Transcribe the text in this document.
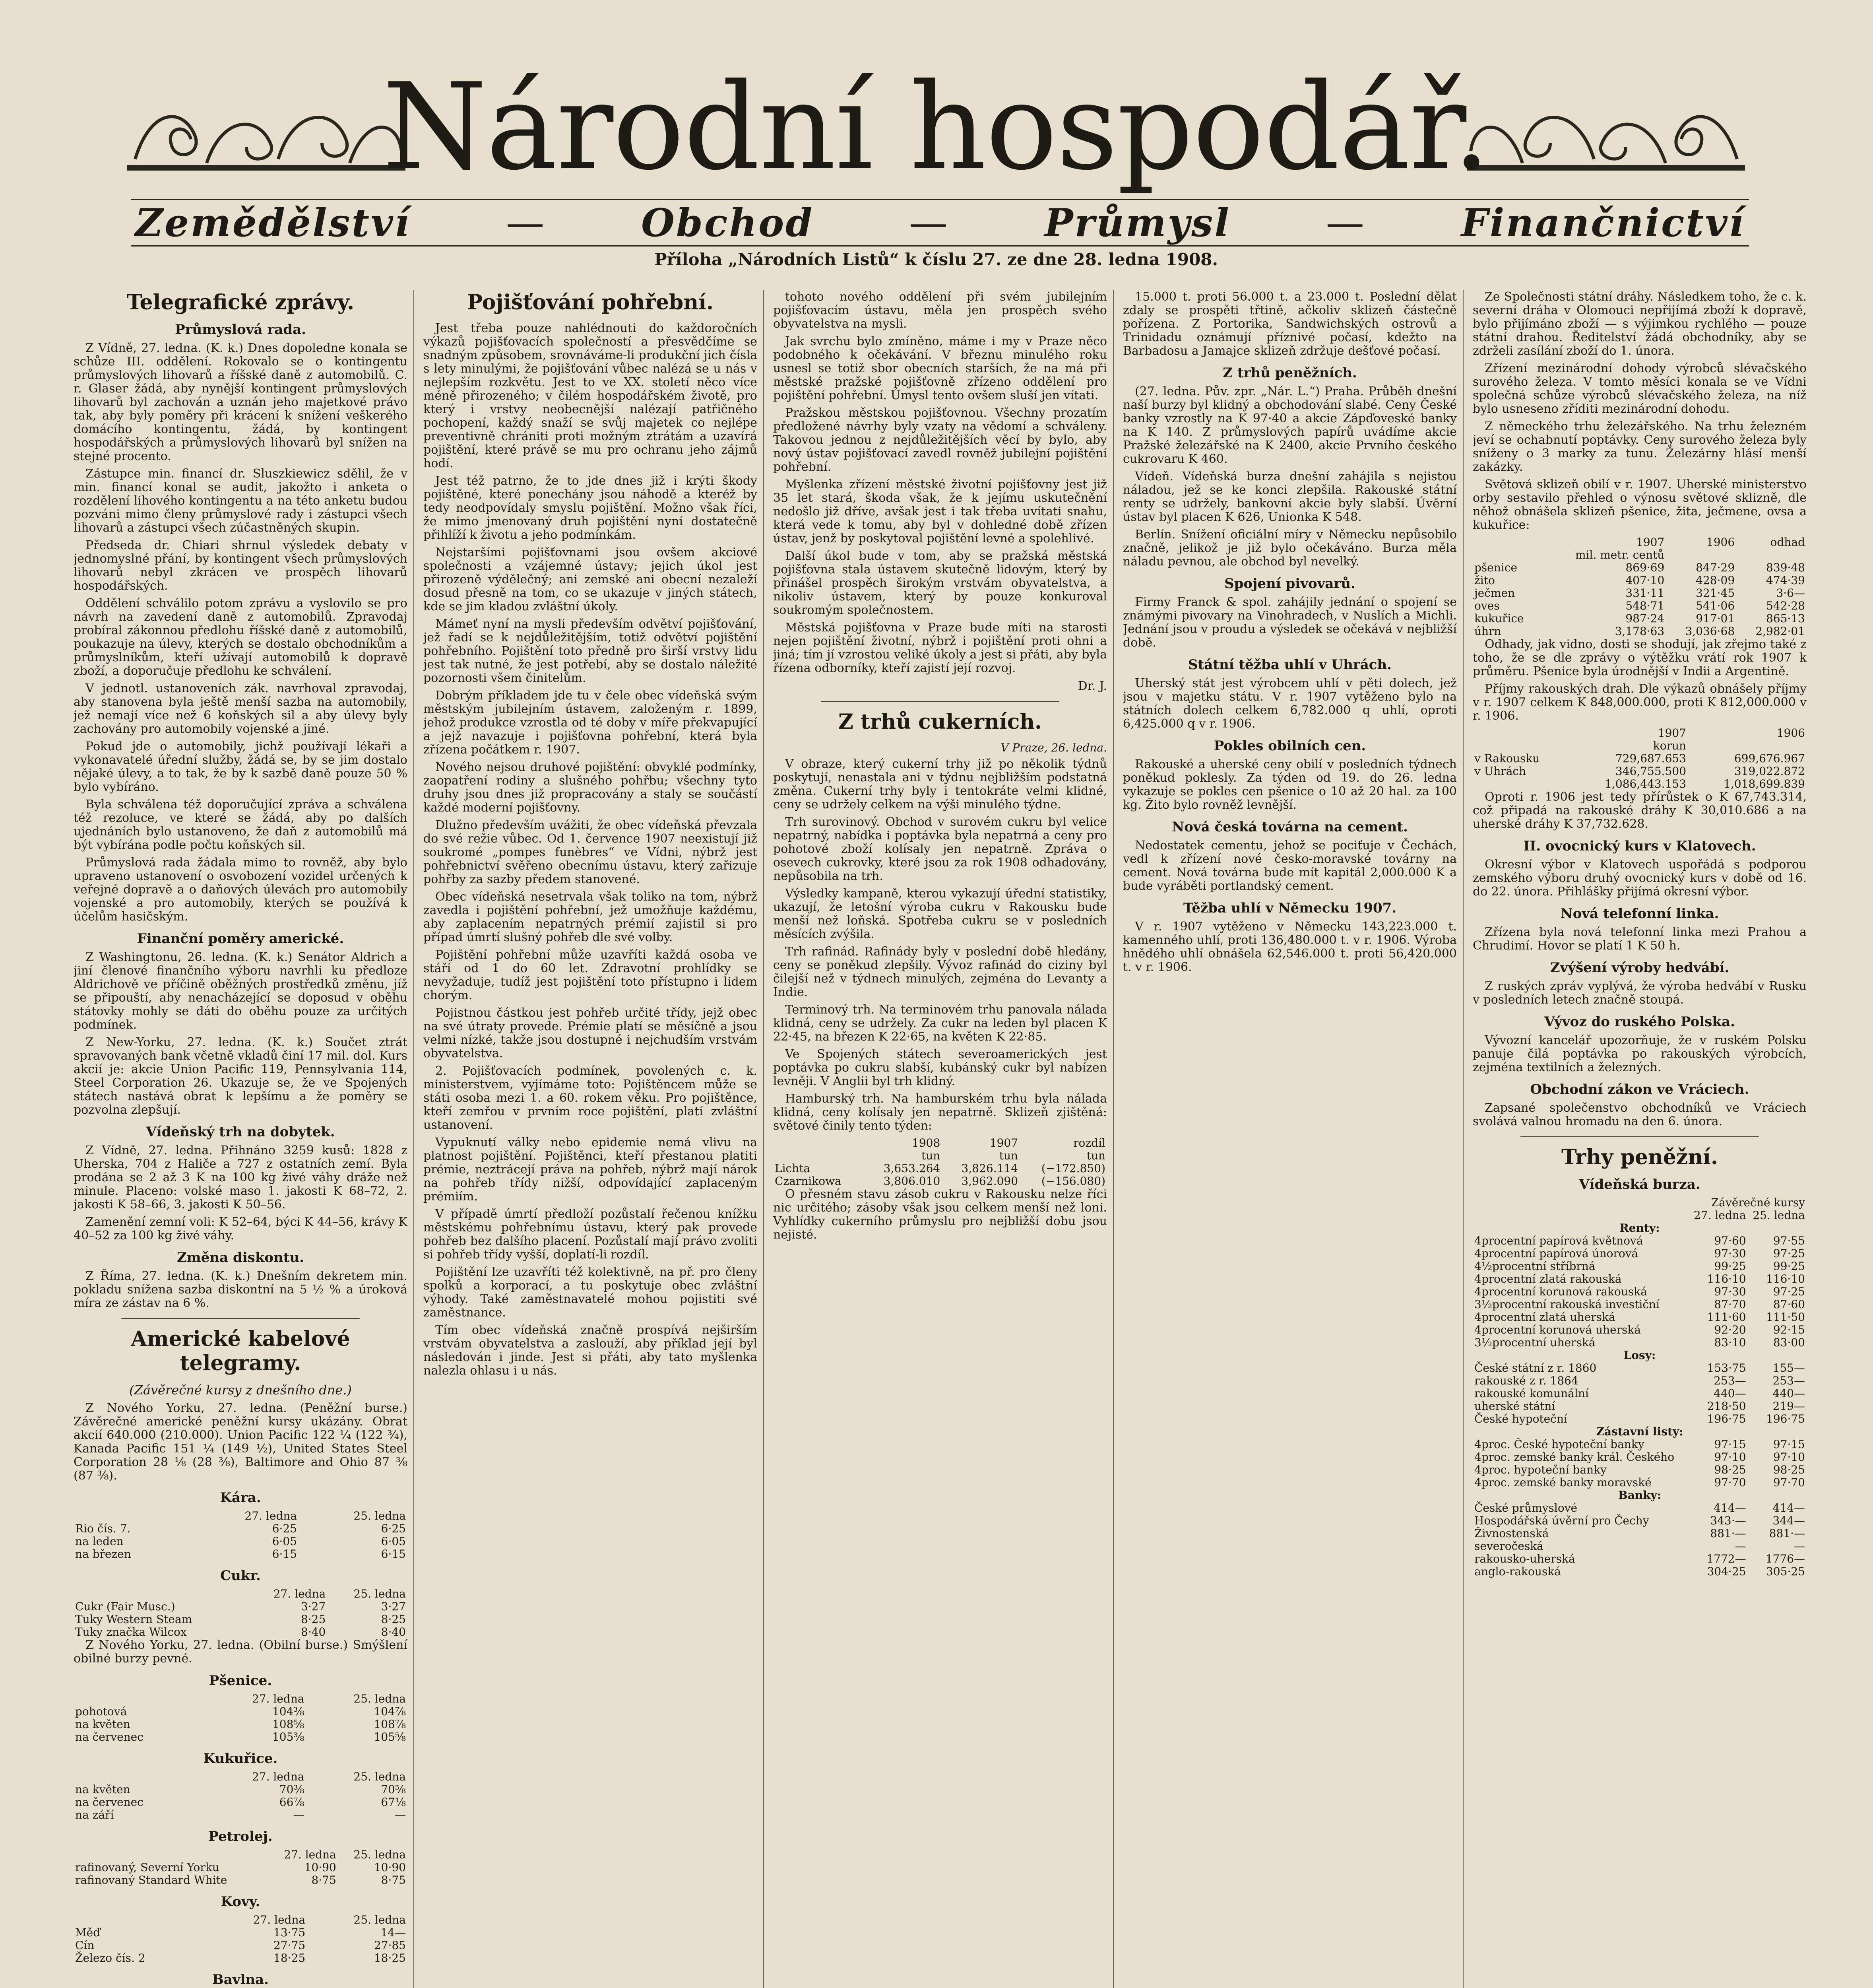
Národní hospodář.
Zemědělství	—	Obchod	—	Průmysl	—	Finančnictví
Příloha „Národních Listů“ k číslu 27. ze dne 28. ledna 1908.
Telegrafické zprávy.
Průmyslová rada.

Z Vídně, 27. ledna. (K. k.) Dnes dopoledne konala se schůze III. oddělení. Rokovalo se o kontingentu průmyslových lihovarů a říšské daně z automobilů. C. r. Glaser žádá, aby nynější kontingent průmyslových lihovarů byl zachován a uznán jeho majetkové právo tak, aby byly poměry při krácení k snížení veškerého domácího kontingentu, žádá, by kontingent hospodářských a průmyslových lihovarů byl snížen na stejné procento.

Zástupce min. financí dr. Sluszkiewicz sdělil, že v min. financí konal se audit, jakožto i anketa o rozdělení lihového kontingentu a na této anketu budou pozváni mimo členy průmyslové rady i zástupci všech lihovarů a zástupci všech zúčastněných skupin.

Předseda dr. Chiari shrnul výsledek debaty v jednomyslné přání, by kontingent všech průmyslových lihovarů nebyl zkrácen ve prospěch lihovarů hospodářských.

Oddělení schválilo potom zprávu a vyslovilo se pro návrh na zavedení daně z automobilů. Zpravodaj probíral zákonnou předlohu říšské daně z automobilů, poukazuje na úlevy, kterých se dostalo obchodníkům a průmyslníkům, kteří užívají automobilů k dopravě zboží, a doporučuje předlohu ke schválení.

V jednotl. ustanoveních zák. navrhoval zpravodaj, aby stanovena byla ještě menší sazba na automobily, jež nemají více než 6 koňských sil a aby úlevy byly zachovány pro automobily vojenské a jiné.

Pokud jde o automobily, jichž používají lékaři a vykonavatelé úřední služby, žádá se, by se jim dostalo nějaké úlevy, a to tak, že by k sazbě daně pouze 50 % bylo vybíráno.

Byla schválena též doporučující zpráva a schválena též rezoluce, ve které se žádá, aby po dalších ujednáních bylo ustanoveno, že daň z automobilů má být vybírána podle počtu koňských sil.

Průmyslová rada žádala mimo to rovněž, aby bylo upraveno ustanovení o osvobození vozidel určených k veřejné dopravě a o daňových úlevách pro automobily vojenské a pro automobily, kterých se používá k účelům hasičským.

Finanční poměry americké.

Z Washingtonu, 26. ledna. (K. k.) Senátor Aldrich a jiní členové finančního výboru navrhli ku předloze Aldrichově ve příčině oběžných prostředků změnu, jíž se připouští, aby nenacházející se doposud v oběhu státovky mohly se dáti do oběhu pouze za určitých podmínek.

Z New-Yorku, 27. ledna. (K. k.) Součet ztrát spravovaných bank včetně vkladů činí 17 mil. dol. Kurs akcií je: akcie Union Pacific 119, Pennsylvania 114, Steel Corporation 26. Ukazuje se, že ve Spojených státech nastává obrat k lepšímu a že poměry se pozvolna zlepšují.

Vídeňský trh na dobytek.

Z Vídně, 27. ledna. Přihnáno 3259 kusů: 1828 z Uherska, 704 z Haliče a 727 z ostatních zemí. Byla prodána se 2 až 3 K na 100 kg živé váhy dráže než minule. Placeno: volské maso 1. jakosti K 68–72, 2. jakosti K 58–66, 3. jakosti K 50–56.

Zamenění zemní voli: K 52–64, býci K 44–56, krávy K 40–52 za 100 kg živé váhy.

Změna diskontu.

Z Říma, 27. ledna. (K. k.) Dnešním dekretem min. pokladu snížena sazba diskontní na 5 ½ % a úroková míra ze zástav na 6 %.

Americké kabelové telegramy.
(Závěrečné kursy z dnešního dne.)

Z Nového Yorku, 27. ledna. (Peněžní burse.) Závěrečné americké peněžní kursy ukázány. Obrat akcií 640.000 (210.000). Union Pacific 122 ¼ (122 ¾), Kanada Pacific 151 ¼ (149 ½), United States Steel Corporation 28 ⅛ (28 ⅜), Baltimore and Ohio 87 ⅜ (87 ⅜).

Kára.
	27. ledna	25. ledna
Rio čís. 7.	6·25	6·25
na leden	6·05	6·05
na březen	6·15	6·15
Cukr.
	27. ledna	25. ledna
Cukr (Fair Musc.)	3·27	3·27
Tuky Western Steam	8·25	8·25
Tuky značka Wilcox	8·40	8·40

Z Nového Yorku, 27. ledna. (Obilní burse.) Smýšlení obilné burzy pevné.

Pšenice.
	27. ledna	25. ledna
pohotová	104⅜	104⅞
na květen	108⅝	108⅞
na červenec	105⅜	105⅝
Kukuřice.
	27. ledna	25. ledna
na květen	70⅜	70⅝
na červenec	66⅞	67⅛
na září	—	—
Petrolej.
	27. ledna	25. ledna
rafinovaný, Severní Yorku	10·90	10·90
rafinovaný Standard White	8·75	8·75
Kovy.
	27. ledna	25. ledna
Měď	13·75	14—
Cín	27·75	27·85
Železo čís. 2	18·25	18·25
Bavlna.

Pojišťování pohřební.

Jest třeba pouze nahlédnouti do každoročních výkazů pojišťovacích společností a přesvědčíme se snadným způsobem, srovnáváme-li produkční jich čísla s lety minulými, že pojišťování vůbec nalézá se u nás v nejlepším rozkvětu. Jest to ve XX. století něco více méně přirozeného; v čilém hospodářském životě, pro který i vrstvy neobecnější nalézají patřičného pochopení, každý snaží se svůj majetek co nejlépe preventivně chrániti proti možným ztrátám a uzavírá pojištění, které právě se mu pro ochranu jeho zájmů hodí.

Jest též patrno, že to jde dnes již i krýti škody pojištěné, které ponechány jsou náhodě a kteréž by tedy neodpovídaly smyslu pojištění. Možno však říci, že mimo jmenovaný druh pojištění nyní dostatečně přihlíží k životu a jeho podmínkám.

Nejstaršími pojišťovnami jsou ovšem akciové společnosti a vzájemné ústavy; jejich úkol jest přirozeně výdělečný; ani zemské ani obecní nezaleží dosud přesně na tom, co se ukazuje v jiných státech, kde se jim kladou zvláštní úkoly.

Mámeť nyní na mysli především odvětví pojišťování, jež řadí se k nejdůležitějším, totiž odvětví pojištění pohřebního. Pojištění toto předně pro širší vrstvy lidu jest tak nutné, že jest potřebí, aby se dostalo náležité pozornosti všem činitelům.

Dobrým příkladem jde tu v čele obec vídeňská svým městským jubilejním ústavem, založeným r. 1899, jehož produkce vzrostla od té doby v míře překvapující a jejž navazuje i pojišťovna pohřební, která byla zřízena počátkem r. 1907.

Nového nejsou druhové pojištění: obvyklé podmínky, zaopatření rodiny a slušného pohřbu; všechny tyto druhy jsou dnes již propracovány a staly se součástí každé moderní pojišťovny.

Dlužno především uvážiti, že obec vídeňská převzala do své režie vůbec. Od 1. července 1907 neexistují již soukromé „pompes funèbres“ ve Vídni, nýbrž jest pohřebnictví svěřeno obecnímu ústavu, který zařizuje pohřby za sazby předem stanovené.

Obec vídeňská nesetrvala však toliko na tom, nýbrž zavedla i pojištění pohřební, jež umožňuje každému, aby zaplacením nepatrných prémií zajistil si pro případ úmrtí slušný pohřeb dle své volby.

Pojištění pohřební může uzavříti každá osoba ve stáří od 1 do 60 let. Zdravotní prohlídky se nevyžaduje, tudíž jest pojištění toto přístupno i lidem chorým.

Pojistnou částkou jest pohřeb určité třídy, jejž obec na své útraty provede. Prémie platí se měsíčně a jsou velmi nízké, takže jsou dostupné i nejchudším vrstvám obyvatelstva.

2. Pojišťovacích podmínek, povolených c. k. ministerstvem, vyjímáme toto: Pojištěncem může se státi osoba mezi 1. a 60. rokem věku. Pro pojištěnce, kteří zemřou v prvním roce pojištění, platí zvláštní ustanovení.

Vypuknutí války nebo epidemie nemá vlivu na platnost pojištění. Pojištěnci, kteří přestanou platiti prémie, neztrácejí práva na pohřeb, nýbrž mají nárok na pohřeb třídy nižší, odpovídající zaplaceným prémiím.

V případě úmrtí předloží pozůstalí řečenou knížku městskému pohřebnímu ústavu, který pak provede pohřeb bez dalšího placení. Pozůstalí mají právo zvoliti si pohřeb třídy vyšší, doplatí-li rozdíl.

Pojištění lze uzavříti též kolektivně, na př. pro členy spolků a korporací, a tu poskytuje obec zvláštní výhody. Také zaměstnavatelé mohou pojistiti své zaměstnance.

Tím obec vídeňská značně prospívá nejširším vrstvám obyvatelstva a zaslouží, aby příklad její byl následován i jinde. Jest si přáti, aby tato myšlenka nalezla ohlasu i u nás.

tohoto nového oddělení při svém jubilejním pojišťovacím ústavu, měla jen prospěch svého obyvatelstva na mysli.

Jak svrchu bylo zmíněno, máme i my v Praze něco podobného k očekávání. V březnu minulého roku usnesl se totiž sbor obecních starších, že na má při městské pražské pojišťovně zřízeno oddělení pro pojištění pohřební. Úmysl tento ovšem sluší jen vítati.

Pražskou městskou pojišťovnou. Všechny prozatím předložené návrhy byly vzaty na vědomí a schváleny. Takovou jednou z nejdůležitějších věcí by bylo, aby nový ústav pojišťovací zavedl rovněž jubilejní pojištění pohřební.

Myšlenka zřízení městské životní pojišťovny jest již 35 let stará, škoda však, že k jejímu uskutečnění nedošlo již dříve, avšak jest i tak třeba uvítati snahu, která vede k tomu, aby byl v dohledné době zřízen ústav, jenž by poskytoval pojištění levné a spolehlivé.

Další úkol bude v tom, aby se pražská městská pojišťovna stala ústavem skutečně lidovým, který by přinášel prospěch širokým vrstvám obyvatelstva, a nikoliv ústavem, který by pouze konkuroval soukromým společnostem.

Městská pojišťovna v Praze bude míti na starosti nejen pojištění životní, nýbrž i pojištění proti ohni a jiná; tím jí vzrostou veliké úkoly a jest si přáti, aby byla řízena odborníky, kteří zajistí její rozvoj.

Dr. J.
Z trhů cukerních.
V Praze, 26. ledna.

V obraze, který cukerní trhy již po několik týdnů poskytují, nenastala ani v týdnu nejbližším podstatná změna. Cukerní trhy byly i tentokráte velmi klidné, ceny se udržely celkem na výši minulého týdne.

Trh surovinový. Obchod v surovém cukru byl velice nepatrný, nabídka i poptávka byla nepatrná a ceny pro pohotové zboží kolísaly jen nepatrně. Zpráva o osevech cukrovky, které jsou za rok 1908 odhadovány, nepůsobila na trh.

Výsledky kampaně, kterou vykazují úřední statistiky, ukazují, že letošní výroba cukru v Rakousku bude menší než loňská. Spotřeba cukru se v posledních měsících zvýšila.

Trh rafinád. Rafinády byly v poslední době hledány, ceny se poněkud zlepšily. Vývoz rafinád do ciziny byl čilejší než v týdnech minulých, zejména do Levanty a Indie.

Terminový trh. Na terminovém trhu panovala nálada klidná, ceny se udržely. Za cukr na leden byl placen K 22·45, na březen K 22·65, na květen K 22·85.

Ve Spojených státech severoamerických jest poptávka po cukru slabší, kubánský cukr byl nabízen levněji. V Anglii byl trh klidný.

Hamburský trh. Na hamburském trhu byla nálada klidná, ceny kolísaly jen nepatrně. Sklizeň zjištěná: světové činily tento týden:

	1908	1907	rozdíl
	tun	tun	tun
Lichta	3,653.264	3,826.114	(−172.850)
Czarnikowa	3,806.010	3,962.090	(−156.080)

O přesném stavu zásob cukru v Rakousku nelze říci nic určitého; zásoby však jsou celkem menší než loni. Vyhlídky cukerního průmyslu pro nejbližší dobu jsou nejisté.

15.000 t. proti 56.000 t. a 23.000 t. Poslední dělat zdaly se prospěti třtině, ačkoliv sklizeň částečně pořízena. Z Portorika, Sandwichských ostrovů a Trinidadu oznámují příznivé počasí, kdežto na Barbadosu a Jamajce sklizeň zdržuje dešťové počasí.

Z trhů peněžních.

(27. ledna. Pův. zpr. „Nár. L.“) Praha. Průběh dnešní naší burzy byl klidný a obchodování slabé. Ceny České banky vzrostly na K 97·40 a akcie Zápďoveské banky na K 140. Z průmyslových papírů uvádíme akcie Pražské železářské na K 2400, akcie Prvního českého cukrovaru K 460.

Vídeň. Vídeňská burza dnešní zahájila s nejistou náladou, jež se ke konci zlepšila. Rakouské státní renty se udržely, bankovní akcie byly slabší. Úvěrní ústav byl placen K 626, Unionka K 548.

Berlín. Snížení oficiální míry v Německu nepůsobilo značně, jelikož je již bylo očekáváno. Burza měla náladu pevnou, ale obchod byl nevelký.

Spojení pivovarů.

Firmy Franck & spol. zahájily jednání o spojení se známými pivovary na Vinohradech, v Nuslích a Michli. Jednání jsou v proudu a výsledek se očekává v nejbližší době.

Státní těžba uhlí v Uhrách.

Uherský stát jest výrobcem uhlí v pěti dolech, jež jsou v majetku státu. V r. 1907 vytěženo bylo na státních dolech celkem 6,782.000 q uhlí, oproti 6,425.000 q v r. 1906.

Pokles obilních cen.

Rakouské a uherské ceny obilí v posledních týdnech poněkud poklesly. Za týden od 19. do 26. ledna vykazuje se pokles cen pšenice o 10 až 20 hal. za 100 kg. Žito bylo rovněž levnější.

Nová česká továrna na cement.

Nedostatek cementu, jehož se pociťuje v Čechách, vedl k zřízení nové česko-moravské továrny na cement. Nová továrna bude mít kapitál 2,000.000 K a bude vyráběti portlandský cement.

Těžba uhlí v Německu 1907.

V r. 1907 vytěženo v Německu 143,223.000 t. kamenného uhlí, proti 136,480.000 t. v r. 1906. Výroba hnědého uhlí obnášela 62,546.000 t. proti 56,420.000 t. v r. 1906.

Ze Společnosti státní dráhy. Následkem toho, že c. k. severní dráha v Olomouci nepřijímá zboží k dopravě, bylo přijímáno zboží — s výjimkou rychlého — pouze státní drahou. Ředitelství žádá obchodníky, aby se zdrželi zasílání zboží do 1. února.

Zřízení mezinárodní dohody výrobců slévačského surového železa. V tomto měsíci konala se ve Vídni společná schůze výrobců slévačského železa, na níž bylo usneseno zříditi mezinárodní dohodu.

Z německého trhu železářského. Na trhu železném jeví se ochabnutí poptávky. Ceny surového železa byly sníženy o 3 marky za tunu. Železárny hlásí menší zakázky.

Světová sklizeň obilí v r. 1907. Uherské ministerstvo orby sestavilo přehled o výnosu světové sklizně, dle něhož obnášela sklizeň pšenice, žita, ječmene, ovsa a kukuřice:

	1907	1906	odhad
	mil. metr. centů		
pšenice	869·69	847·29	839·48
žito	407·10	428·09	474·39
ječmen	331·11	321·45	3·6—
oves	548·71	541·06	542·28
kukuřice	987·24	917·01	865·13
úhrn	3,178·63	3,036·68	2,982·01

Odhady, jak vidno, dosti se shodují, jak zřejmo také z toho, že se dle zprávy o výtěžku vrátí rok 1907 k průměru. Pšenice byla úrodnější v Indii a Argentině.

Příjmy rakouských drah. Dle výkazů obnášely příjmy v r. 1907 celkem K 848,000.000, proti K 812,000.000 v r. 1906.

	1907	1906
	korun	
v Rakousku	729,687.653	699,676.967
v Uhrách	346,755.500	319,022.872
	1,086,443.153	1,018,699.839

Oproti r. 1906 jest tedy přírůstek o K 67,743.314, což připadá na rakouské dráhy K 30,010.686 a na uherské dráhy K 37,732.628.

II. ovocnický kurs v Klatovech.

Okresní výbor v Klatovech uspořádá s podporou zemského výboru druhý ovocnický kurs v době od 16. do 22. února. Přihlášky přijímá okresní výbor.

Nová telefonní linka.

Zřízena byla nová telefonní linka mezi Prahou a Chrudimí. Hovor se platí 1 K 50 h.

Zvýšení výroby hedvábí.

Z ruských zpráv vyplývá, že výroba hedvábí v Rusku v posledních letech značně stoupá.

Vývoz do ruského Polska.

Vývozní kancelář upozorňuje, že v ruském Polsku panuje čilá poptávka po rakouských výrobcích, zejména textilních a železných.

Obchodní zákon ve Vráciech.

Zapsané společenstvo obchodníků ve Vráciech svolává valnou hromadu na den 6. února.

Trhy peněžní.
Vídeňská burza.
	Závěrečné kursy	
	27. ledna	25. ledna
Renty:		
4procentní papírová květnová	97·60	97·55
4procentní papírová únorová	97·30	97·25
4½procentní stříbrná	99·25	99·25
4procentní zlatá rakouská	116·10	116·10
4procentní korunová rakouská	97·30	97·25
3½procentní rakouská investiční	87·70	87·60
4procentní zlatá uherská	111·60	111·50
4procentní korunová uherská	92·20	92·15
3½procentní uherská	83·10	83·00
Losy:		
České státní z r. 1860	153·75	155—
rakouské z r. 1864	253—	253—
rakouské komunální	440—	440—
uherské státní	218·50	219—
České hypoteční	196·75	196·75
Zástavní listy:		
4proc. České hypoteční banky	97·15	97·15
4proc. zemské banky král. Českého	97·10	97·10
4proc. hypoteční banky	98·25	98·25
4proc. zemské banky moravské	97·70	97·70
Banky:		
České průmyslové	414—	414—
Hospodářská úvěrní pro Čechy	343·—	344—
Živnostenská	881·—	881·—
severočeská	—	—
rakousko-uherská	1772—	1776—
anglo-rakouská	304·25	305·25
